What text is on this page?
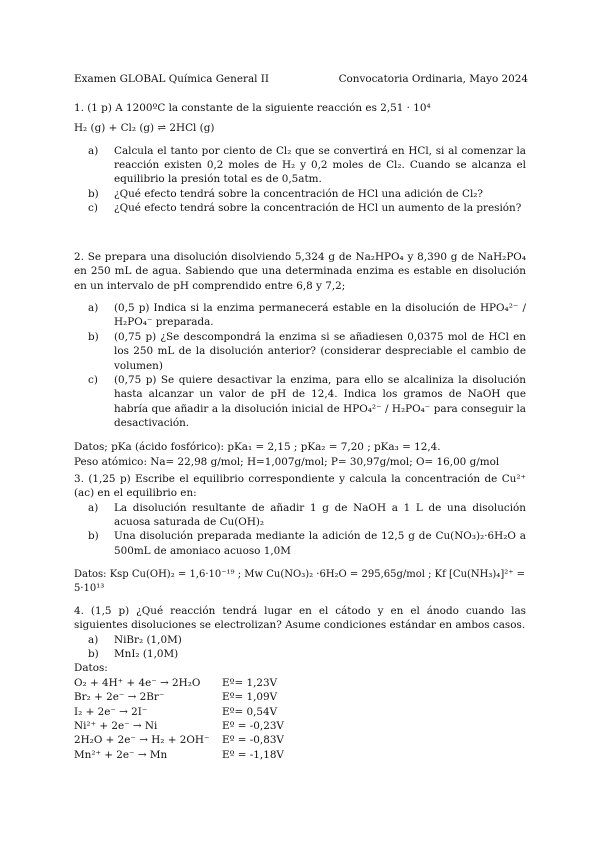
Examen GLOBAL Química General II	Convocatoria Ordinaria, Mayo 2024

1. (1 p) A 1200ºC la constante de la siguiente reacción es 2,51 · 10⁴

H₂ (g) + Cl₂ (g) ⇌ 2HCl (g)

a)	Calcula el tanto por ciento de Cl₂ que se convertirá en HCl, si al comenzar la reacción existen 0,2 moles de H₂ y 0,2 moles de Cl₂. Cuando se alcanza el equilibrio la presión total es de 0,5atm.
b)	¿Qué efecto tendrá sobre la concentración de HCl una adición de Cl₂?
c)	¿Qué efecto tendrá sobre la concentración de HCl un aumento de la presión?

2. Se prepara una disolución disolviendo 5,324 g de Na₂HPO₄ y 8,390 g de NaH₂PO₄ en 250 mL de agua. Sabiendo que una determinada enzima es estable en disolución en un intervalo de pH comprendido entre 6,8 y 7,2;

a)	(0,5 p) Indica si la enzima permanecerá estable en la disolución de HPO₄²⁻ / H₂PO₄⁻ preparada.
b)	(0,75 p) ¿Se descompondrá la enzima si se añadiesen 0,0375 mol de HCl en los 250 mL de la disolución anterior? (considerar despreciable el cambio de volumen)
c)	(0,75 p) Se quiere desactivar la enzima, para ello se alcaliniza la disolución hasta alcanzar un valor de pH de 12,4. Indica los gramos de NaOH que habría que añadir a la disolución inicial de HPO₄²⁻ / H₂PO₄⁻ para conseguir la desactivación.

Datos; pKa (ácido fosfórico): pKa₁ = 2,15 ; pKa₂ = 7,20 ; pKa₃ = 12,4.

Peso atómico: Na= 22,98 g/mol; H=1,007g/mol; P= 30,97g/mol; O= 16,00 g/mol

3. (1,25 p) Escribe el equilibrio correspondiente y calcula la concentración de Cu²⁺ (ac) en el equilibrio en:

a)	La disolución resultante de añadir 1 g de NaOH a 1 L de una disolución acuosa saturada de Cu(OH)₂
b)	Una disolución preparada mediante la adición de 12,5 g de Cu(NO₃)₂·6H₂O a 500mL de amoniaco acuoso 1,0M

Datos: Ksp Cu(OH)₂ = 1,6·10⁻¹⁹ ; Mw Cu(NO₃)₂ ·6H₂O = 295,65g/mol ; Kf [Cu(NH₃)₄]²⁺ = 5·10¹³

4. (1,5 p) ¿Qué reacción tendrá lugar en el cátodo y en el ánodo cuando las siguientes disoluciones se electrolizan? Asume condiciones estándar en ambos casos.

a)	NiBr₂ (1,0M)
b)	MnI₂ (1,0M)

Datos:

O₂ + 4H⁺ + 4e⁻ → 2H₂O	Eº= 1,23V
Br₂ + 2e⁻ → 2Br⁻	Eº= 1,09V
I₂ + 2e⁻ → 2I⁻	Eº= 0,54V
Ni²⁺ + 2e⁻ → Ni	Eº = -0,23V
2H₂O + 2e⁻ → H₂ + 2OH⁻	Eº = -0,83V
Mn²⁺ + 2e⁻ → Mn	Eº = -1,18V
